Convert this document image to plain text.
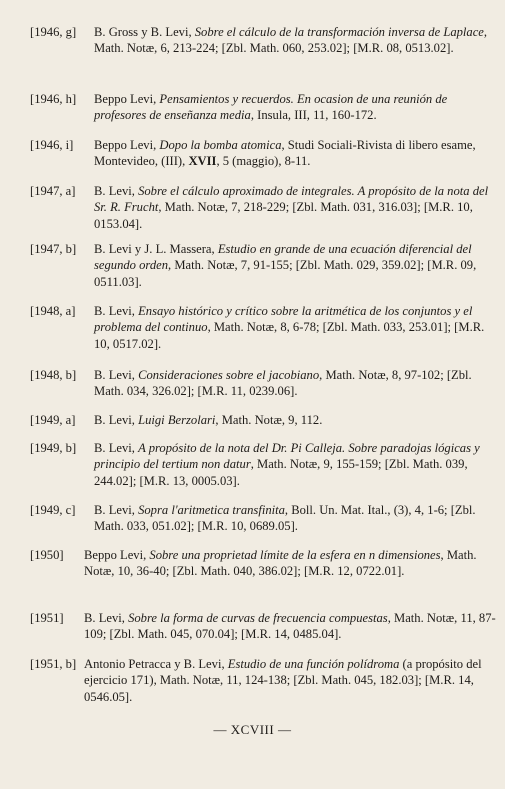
[1946, g]	B. Gross y B. Levi, Sobre el cálculo de la transformación inversa de Laplace, Math. Notæ, 6, 213-224; [Zbl. Math. 060, 253.02]; [M.R. 08, 0513.02].
[1946, h]	Beppo Levi, Pensamientos y recuerdos. En ocasion de una reunión de profesores de enseñanza media, Insula, III, 11, 160-172.
[1946, i]	Beppo Levi, Dopo la bomba atomica, Studi Sociali-Rivista di libero esame, Montevideo, (III), XVII, 5 (maggio), 8-11.
[1947, a]	B. Levi, Sobre el cálculo aproximado de integrales. A propósito de la nota del Sr. R. Frucht, Math. Notæ, 7, 218-229; [Zbl. Math. 031, 316.03]; [M.R. 10, 0153.04].
[1947, b]	B. Levi y J. L. Massera, Estudio en grande de una ecuación diferencial del segundo orden, Math. Notæ, 7, 91-155; [Zbl. Math. 029, 359.02]; [M.R. 09, 0511.03].
[1948, a]	B. Levi, Ensayo histórico y crítico sobre la aritmética de los conjuntos y el problema del continuo, Math. Notæ, 8, 6-78; [Zbl. Math. 033, 253.01]; [M.R. 10, 0517.02].
[1948, b]	B. Levi, Consideraciones sobre el jacobiano, Math. Notæ, 8, 97-102; [Zbl. Math. 034, 326.02]; [M.R. 11, 0239.06].
[1949, a]	B. Levi, Luigi Berzolari, Math. Notæ, 9, 112.
[1949, b]	B. Levi, A propósito de la nota del Dr. Pi Calleja. Sobre paradojas lógicas y principio del tertium non datur, Math. Notæ, 9, 155-159; [Zbl. Math. 039, 244.02]; [M.R. 13, 0005.03].
[1949, c]	B. Levi, Sopra l'aritmetica transfinita, Boll. Un. Mat. Ital., (3), 4, 1-6; [Zbl. Math. 033, 051.02]; [M.R. 10, 0689.05].
[1950]	Beppo Levi, Sobre una proprietad límite de la esfera en n dimensiones, Math. Notæ, 10, 36-40; [Zbl. Math. 040, 386.02]; [M.R. 12, 0722.01].
[1951]	B. Levi, Sobre la forma de curvas de frecuencia compuestas, Math. Notæ, 11, 87-109; [Zbl. Math. 045, 070.04]; [M.R. 14, 0485.04].
[1951, b] Antonio Petracca y B. Levi, Estudio de una función polídroma (a propósito del ejercicio 171), Math. Notæ, 11, 124-138; [Zbl. Math. 045, 182.03]; [M.R. 14, 0546.05].
— XCVIII —
